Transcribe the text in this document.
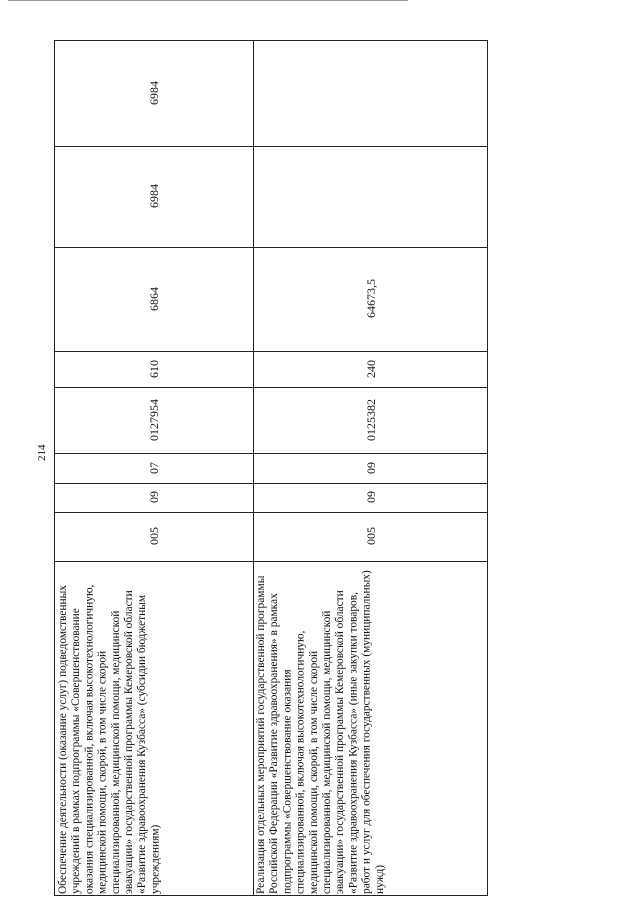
214
6984
6984
6864
610
0127954
07
09
005
Обеспечение деятельности (оказание услуг) подведомственных учреждений в рамках подпрограммы «Совершенствование оказания специализированной, включая высокотехнологичную, медицинской помощи, скорой, в том числе скорой специализированной, медицинской помощи, медицинской эвакуации» государственной программы Кемеровской области «Развитие здравоохранения Кузбасса» (субсидии бюджетным учреждениям)
64673,5
240
0125382
09
09
005
Реализация отдельных мероприятий государственной программы Российской Федерации «Развитие здравоохранения» в рамках подпрограммы «Совершенствование оказания специализированной, включая высокотехнологичную, медицинской помощи, скорой, в том числе скорой специализированной, медицинской помощи, медицинской эвакуации» государственной программы Кемеровской области «Развитие здравоохранения Кузбасса» (иные закупки товаров, работ и услуг для обеспечения государственных (муниципальных) нужд)
